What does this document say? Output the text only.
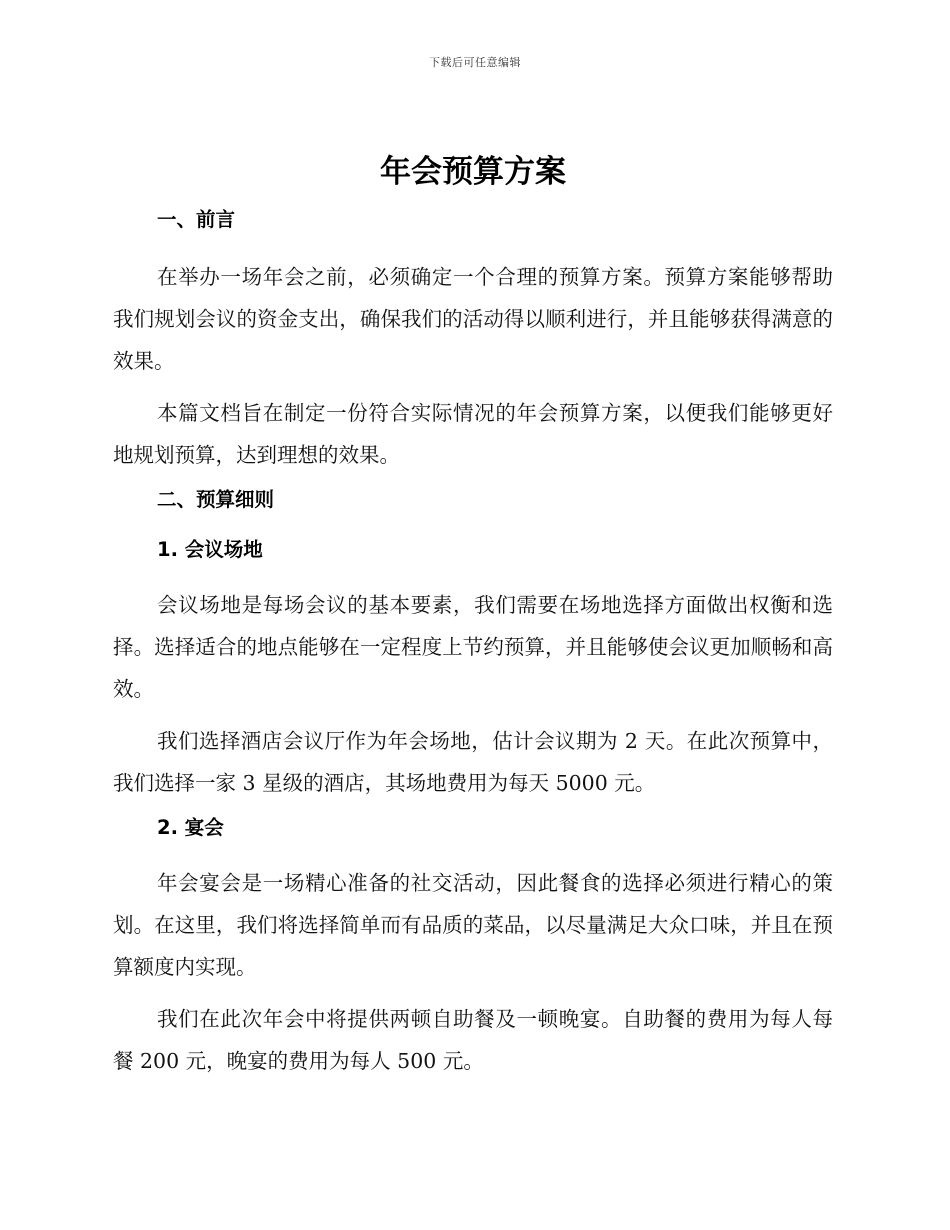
下载后可任意编辑
年会预算方案
一、前言

在举办一场年会之前，必须确定一个合理的预算方案。预算方案能够帮助我们规划会议的资金支出，确保我们的活动得以顺利进行，并且能够获得满意的效果。

本篇文档旨在制定一份符合实际情况的年会预算方案，以便我们能够更好地规划预算，达到理想的效果。

二、预算细则
1. 会议场地

会议场地是每场会议的基本要素，我们需要在场地选择方面做出权衡和选择。选择适合的地点能够在一定程度上节约预算，并且能够使会议更加顺畅和高效。

我们选择酒店会议厅作为年会场地，估计会议期为 2 天。在此次预算中，我们选择一家 3 星级的酒店，其场地费用为每天 5000 元。

2. 宴会

年会宴会是一场精心准备的社交活动，因此餐食的选择必须进行精心的策划。在这里，我们将选择简单而有品质的菜品，以尽量满足大众口味，并且在预算额度内实现。

我们在此次年会中将提供两顿自助餐及一顿晚宴。自助餐的费用为每人每餐 200 元，晚宴的费用为每人 500 元。
